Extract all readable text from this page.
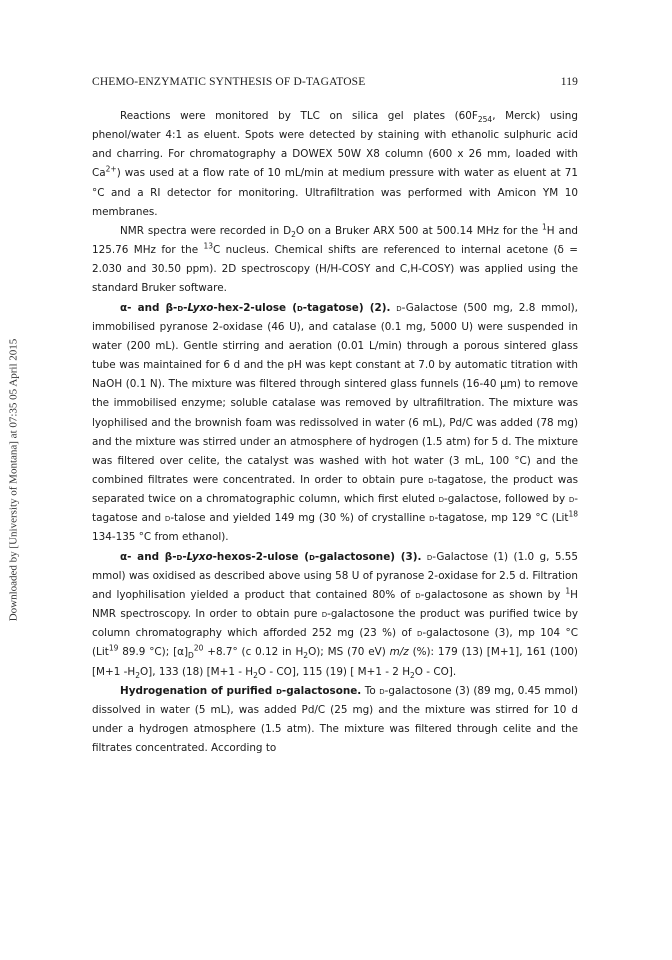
CHEMO-ENZYMATIC SYNTHESIS OF D-TAGATOSE	119
Downloaded by [University of Montana] at 07:35 05 April 2015

Reactions were monitored by TLC on silica gel plates ($60F_{254}$, Merck) using phenol/water 4:1 as eluent. Spots were detected by staining with ethanolic sulphuric acid and charring. For chromatography a DOWEX 50W X8 column (600 x 26 mm, loaded with $Ca^{2+}$) was used at a flow rate of 10 mL/min at medium pressure with water as eluent at 71 °C and a RI detector for monitoring. Ultrafiltration was performed with Amicon YM 10 membranes.

NMR spectra were recorded in $D_2O$ on a Bruker ARX 500 at 500.14 MHz for the $^1$H and 125.76 MHz for the $^{13}$C nucleus. Chemical shifts are referenced to internal acetone (δ = 2.030 and 30.50 ppm). 2D spectroscopy (H/H-COSY and C,H-COSY) was applied using the standard Bruker software.

α- and β-d-Lyxo-hex-2-ulose (d-tagatose) (2). d-Galactose (500 mg, 2.8 mmol), immobilised pyranose 2-oxidase (46 U), and catalase (0.1 mg, 5000 U) were suspended in water (200 mL). Gentle stirring and aeration (0.01 L/min) through a porous sintered glass tube was maintained for 6 d and the pH was kept constant at 7.0 by automatic titration with NaOH (0.1 N). The mixture was filtered through sintered glass funnels (16-40 μm) to remove the immobilised enzyme; soluble catalase was removed by ultrafiltration. The mixture was lyophilised and the brownish foam was redissolved in water (6 mL), Pd/C was added (78 mg) and the mixture was stirred under an atmosphere of hydrogen (1.5 atm) for 5 d. The mixture was filtered over celite, the catalyst was washed with hot water (3 mL, 100 °C) and the combined filtrates were concentrated. In order to obtain pure d-tagatose, the product was separated twice on a chromatographic column, which first eluted d-galactose, followed by d-tagatose and d-talose and yielded 149 mg (30 %) of crystalline d-tagatose, mp 129 °C (Lit$^{18}$ 134-135 °C from ethanol).

α- and β-d-Lyxo-hexos-2-ulose (d-galactosone) (3). d-Galactose (1) (1.0 g, 5.55 mmol) was oxidised as described above using 58 U of pyranose 2-oxidase for 2.5 d. Filtration and lyophilisation yielded a product that contained 80% of d-galactosone as shown by $^1$H NMR spectroscopy. In order to obtain pure d-galactosone the product was purified twice by column chromatography which afforded 252 mg (23 %) of d-galactosone (3), mp 104 °C (Lit$^{19}$ 89.9 °C); $[\alpha]_D^{20} +8.7^\circ$ (c 0.12 in $H_2O$); MS (70 eV) m/z (%): 179 (13) [M+1], 161 (100) [M+1 $-H_2O$], 133 (18) $[M+1 - H_2O - CO]$, 115 (19) [ M+1 - 2 $H_2O - CO$].

Hydrogenation of purified d-galactosone. To d-galactosone (3) (89 mg, 0.45 mmol) dissolved in water (5 mL), was added Pd/C (25 mg) and the mixture was stirred for 10 d under a hydrogen atmosphere (1.5 atm). The mixture was filtered through celite and the filtrates concentrated. According to
